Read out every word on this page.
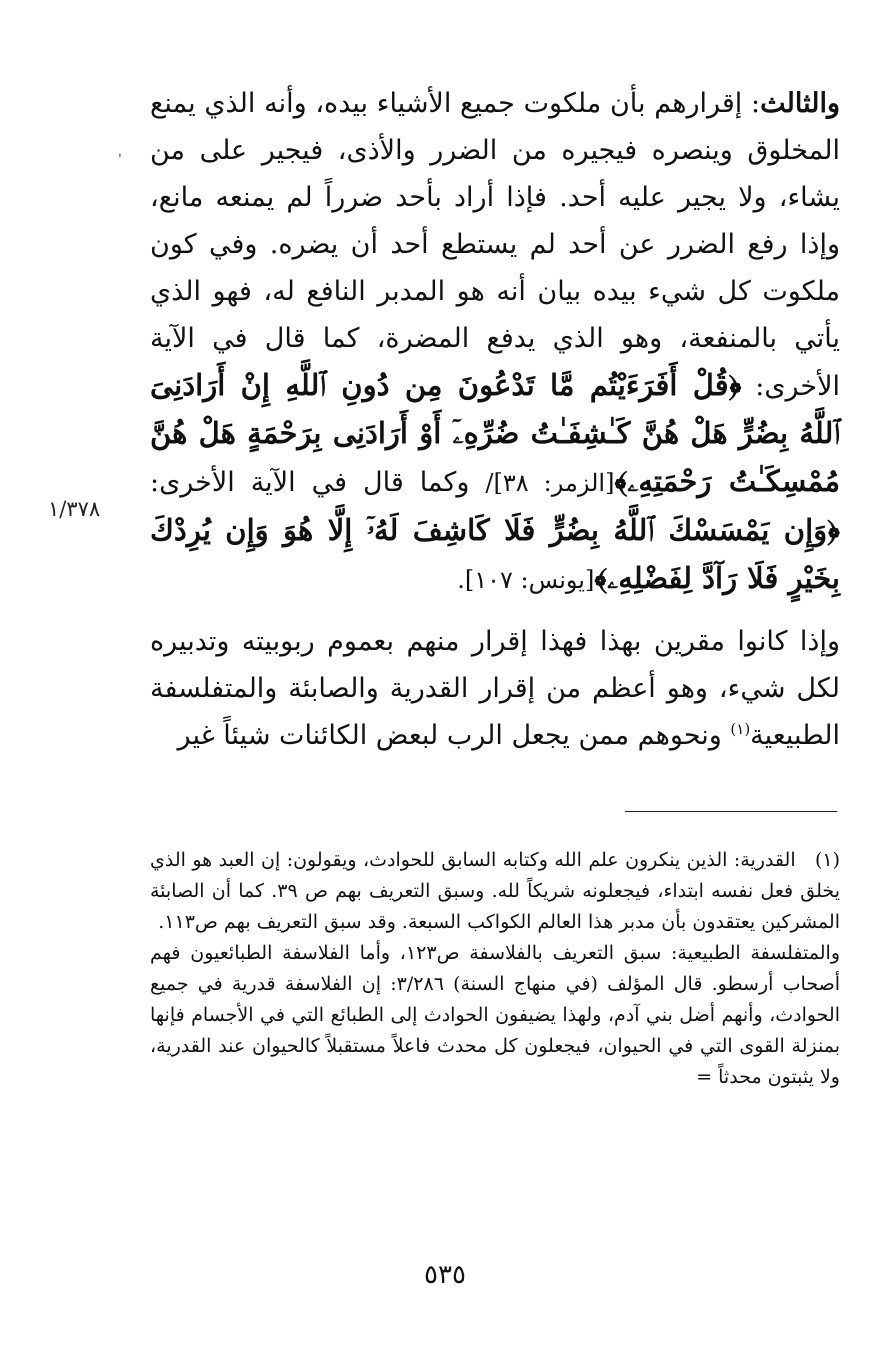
والثالث: إقرارهم بأن ملكوت جميع الأشياء بيده، وأنه الذي يمنع المخلوق وينصره فيجيره من الضرر والأذى، فيجير على من يشاء، ولا يجير عليه أحد. فإذا أراد بأحد ضرراً لم يمنعه مانع، وإذا رفع الضرر عن أحد لم يستطع أحد أن يضره. وفي كون ملكوت كل شيء بيده بيان أنه هو المدبر النافع له، فهو الذي يأتي بالمنفعة، وهو الذي يدفع المضرة، كما قال في الآية الأخرى: ﴿قُلْ أَفَرَءَيْتُم مَّا تَدْعُونَ مِن دُونِ ٱللَّهِ إِنْ أَرَادَنِىَ ٱللَّهُ بِضُرٍّ هَلْ هُنَّ كَـٰشِفَـٰتُ ضُرِّهِۦٓ أَوْ أَرَادَنِى بِرَحْمَةٍ هَلْ هُنَّ مُمْسِكَـٰتُ رَحْمَتِهِۦ﴾[الزمر: ٣٨]/ وكما قال في الآية الأخرى: ﴿وَإِن يَمْسَسْكَ ٱللَّهُ بِضُرٍّ فَلَا كَاشِفَ لَهُۥٓ إِلَّا هُوَ وَإِن يُرِدْكَ بِخَيْرٍ فَلَا رَآدَّ لِفَضْلِهِۦ﴾[يونس: ١٠٧].

وإذا كانوا مقرين بهذا فهذا إقرار منهم بعموم ربوبيته وتدبيره لكل شيء، وهو أعظم من إقرار القدرية والصابئة والمتفلسفة الطبيعية$^{(١)}$ ونحوهم ممن يجعل الرب لبعض الكائنات شيئاً غير

'
١/٣٧٨
(١)   القدرية: الذين ينكرون علم الله وكتابه السابق للحوادث، ويقولون: إن العبد هو الذي يخلق فعل نفسه ابتداء، فيجعلونه شريكاً لله. وسبق التعريف بهم ص ٣٩. كما أن الصابئة المشركين يعتقدون بأن مدبر هذا العالم الكواكب السبعة. وقد سبق التعريف بهم ص١١٣.
والمتفلسفة الطبيعية: سبق التعريف بالفلاسفة ص١٢٣، وأما الفلاسفة الطبائعيون فهم أصحاب أرسطو. قال المؤلف (في منهاج السنة) ٣/٢٨٦: إن الفلاسفة قدرية في جميع الحوادث، وأنهم أضل بني آدم، ولهذا يضيفون الحوادث إلى الطبائع التي في الأجسام فإنها بمنزلة القوى التي في الحيوان، فيجعلون كل محدث فاعلاً مستقبلاً كالحيوان عند القدرية، ولا يثبتون محدثاً =
٥٣٥
